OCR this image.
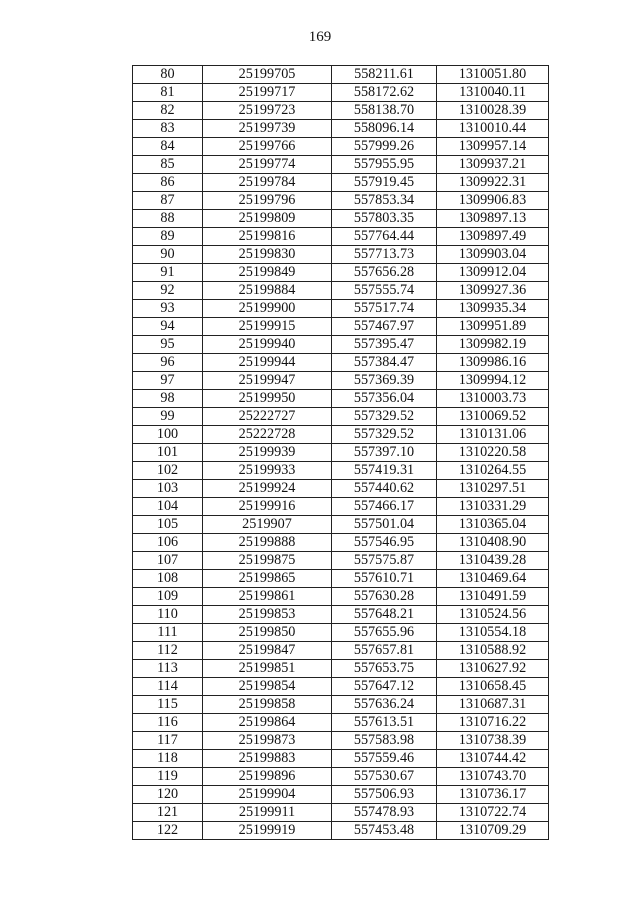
169
80	25199705	558211.61	1310051.80
81	25199717	558172.62	1310040.11
82	25199723	558138.70	1310028.39
83	25199739	558096.14	1310010.44
84	25199766	557999.26	1309957.14
85	25199774	557955.95	1309937.21
86	25199784	557919.45	1309922.31
87	25199796	557853.34	1309906.83
88	25199809	557803.35	1309897.13
89	25199816	557764.44	1309897.49
90	25199830	557713.73	1309903.04
91	25199849	557656.28	1309912.04
92	25199884	557555.74	1309927.36
93	25199900	557517.74	1309935.34
94	25199915	557467.97	1309951.89
95	25199940	557395.47	1309982.19
96	25199944	557384.47	1309986.16
97	25199947	557369.39	1309994.12
98	25199950	557356.04	1310003.73
99	25222727	557329.52	1310069.52
100	25222728	557329.52	1310131.06
101	25199939	557397.10	1310220.58
102	25199933	557419.31	1310264.55
103	25199924	557440.62	1310297.51
104	25199916	557466.17	1310331.29
105	2519907	557501.04	1310365.04
106	25199888	557546.95	1310408.90
107	25199875	557575.87	1310439.28
108	25199865	557610.71	1310469.64
109	25199861	557630.28	1310491.59
110	25199853	557648.21	1310524.56
111	25199850	557655.96	1310554.18
112	25199847	557657.81	1310588.92
113	25199851	557653.75	1310627.92
114	25199854	557647.12	1310658.45
115	25199858	557636.24	1310687.31
116	25199864	557613.51	1310716.22
117	25199873	557583.98	1310738.39
118	25199883	557559.46	1310744.42
119	25199896	557530.67	1310743.70
120	25199904	557506.93	1310736.17
121	25199911	557478.93	1310722.74
122	25199919	557453.48	1310709.29
